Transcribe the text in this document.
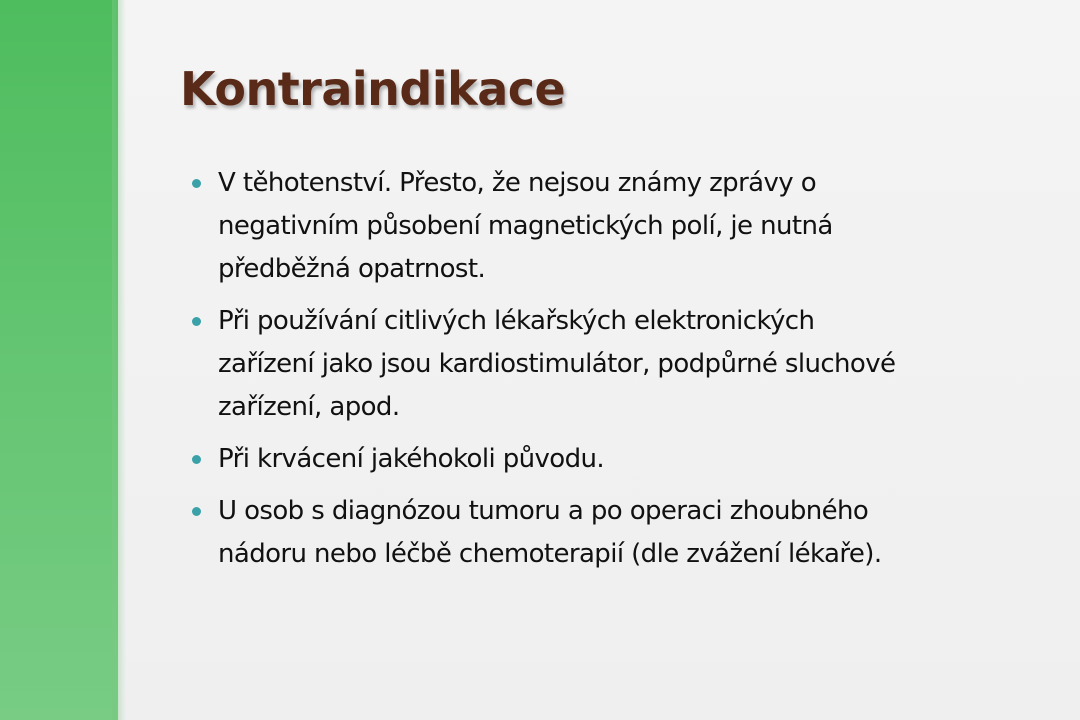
Kontraindikace
V těhotenství. Přesto, že nejsou známy zprávy o
negativním působení magnetických polí, je nutná
předběžná opatrnost.
Při používání citlivých lékařských elektronických
zařízení jako jsou kardiostimulátor, podpůrné sluchové
zařízení, apod.
Při krvácení jakéhokoli původu.
U osob s diagnózou tumoru a po operaci zhoubného
nádoru nebo léčbě chemoterapií (dle zvážení lékaře).
